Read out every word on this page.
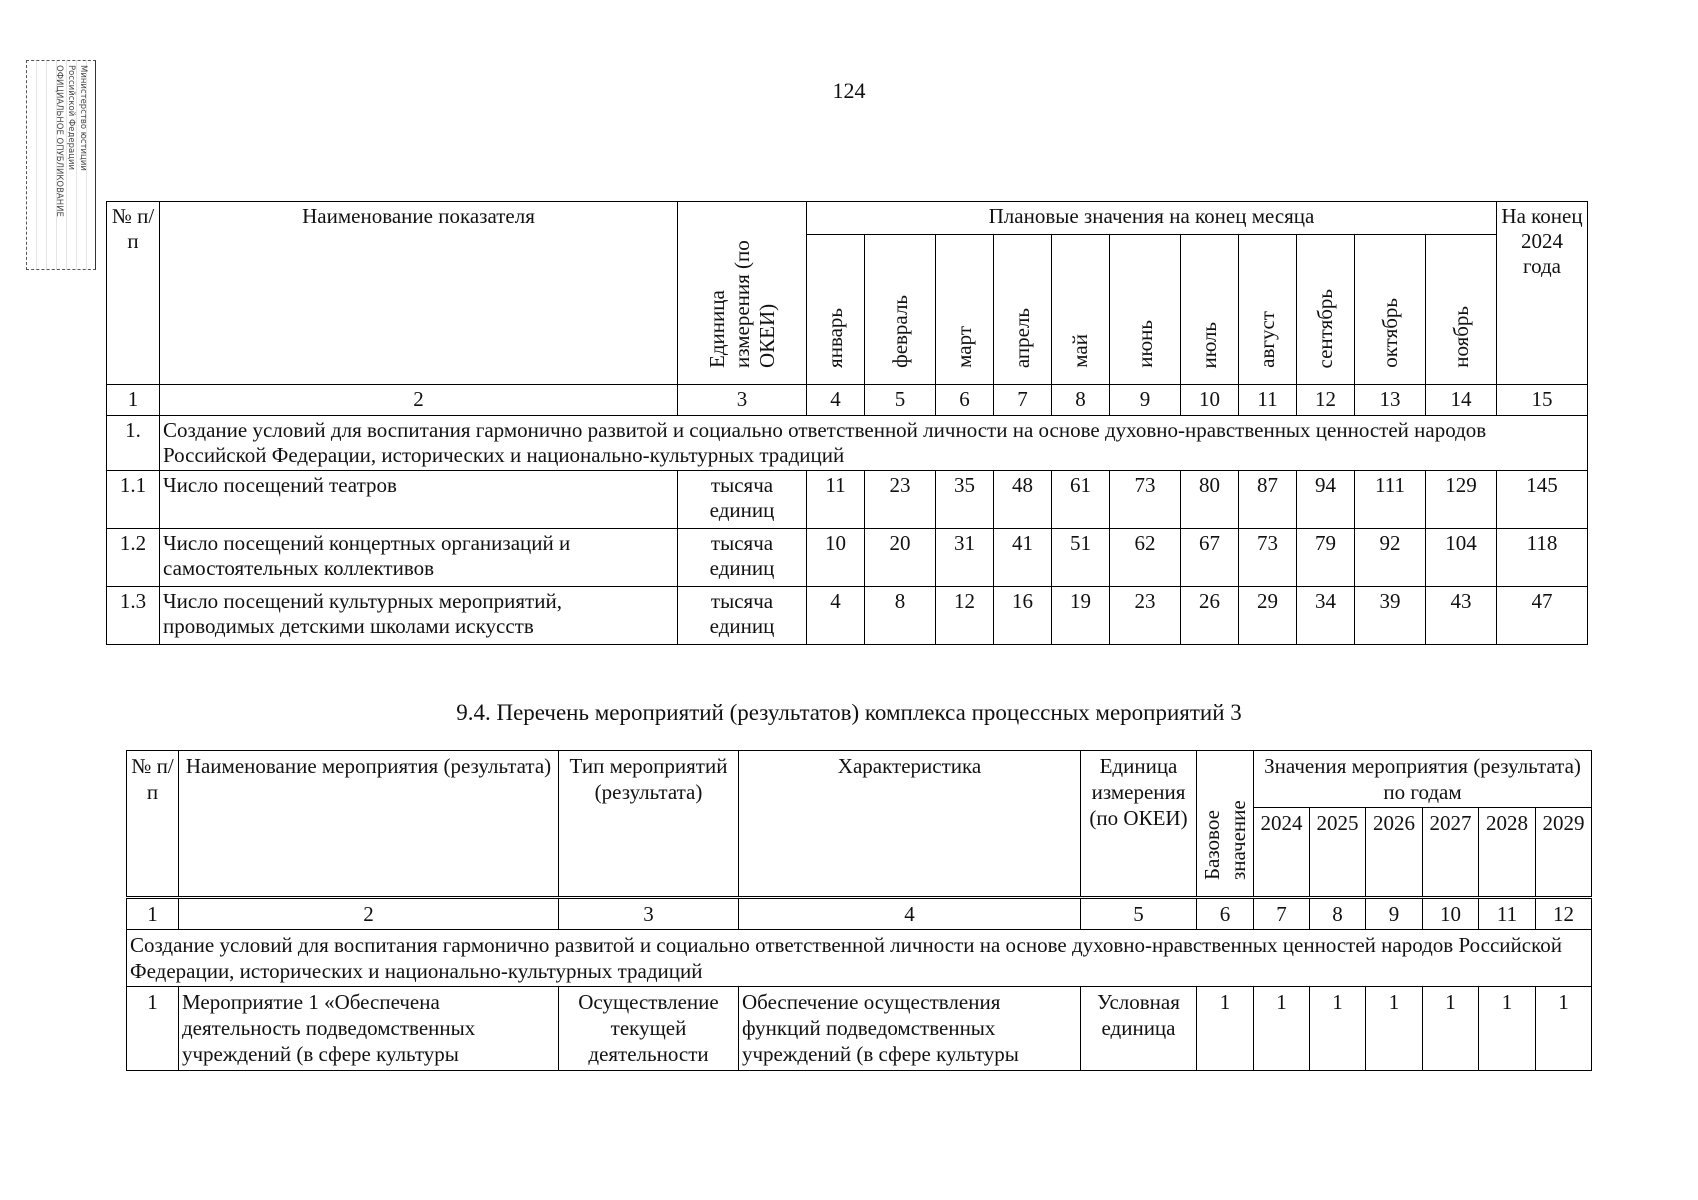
Министерство юстиции
Российской Федерации
ОФИЦИАЛЬНОЕ ОПУБЛИКОВАНИЕ	124
№ п/п	Наименование показателя	Единица измерения (по ОКЕИ)	Плановые значения на конец месяца											На конец 2024 года

			январь	февраль	март	апрель	май	июнь	июль	август	сентябрь	октябрь	ноябрь	

1	2	3	4	5	6	7	8	9	10	11	12	13	14	15
1.	Создание условий для воспитания гармонично развитой и социально ответственной личности на основе духовно-нравственных ценностей народов Российской Федерации, исторических и национально-культурных традиций													
1.1	Число посещений театров	тысяча единиц	11	23	35	48	61	73	80	87	94	111	129	145
1.2	Число посещений концертных организаций и самостоятельных коллективов	тысяча единиц	10	20	31	41	51	62	67	73	79	92	104	118
1.3	Число посещений культурных мероприятий, проводимых детскими школами искусств	тысяча единиц	4	8	12	16	19	23	26	29	34	39	43	47
9.4. Перечень мероприятий (результатов) комплекса процессных мероприятий 3
№ п/п	Наименование мероприятия (результата)	Тип мероприятий (результата)	Характеристика	Единица измерения (по ОКЕИ)	Базовое значение	Значения мероприятия (результата) по годам					
						2024	2025	2026	2027	2028	2029
1	2	3	4	5	6	7	8	9	10	11	12
Создание условий для воспитания гармонично развитой и социально ответственной личности на основе духовно-нравственных ценностей народов Российской Федерации, исторических и национально-культурных традиций											
1	Мероприятие 1 «Обеспечена деятельность подведомственных учреждений (в сфере культуры	Осуществление текущей деятельности	Обеспечение осуществления функций подведомственных учреждений (в сфере культуры	Условная единица	1	1	1	1	1	1	1
